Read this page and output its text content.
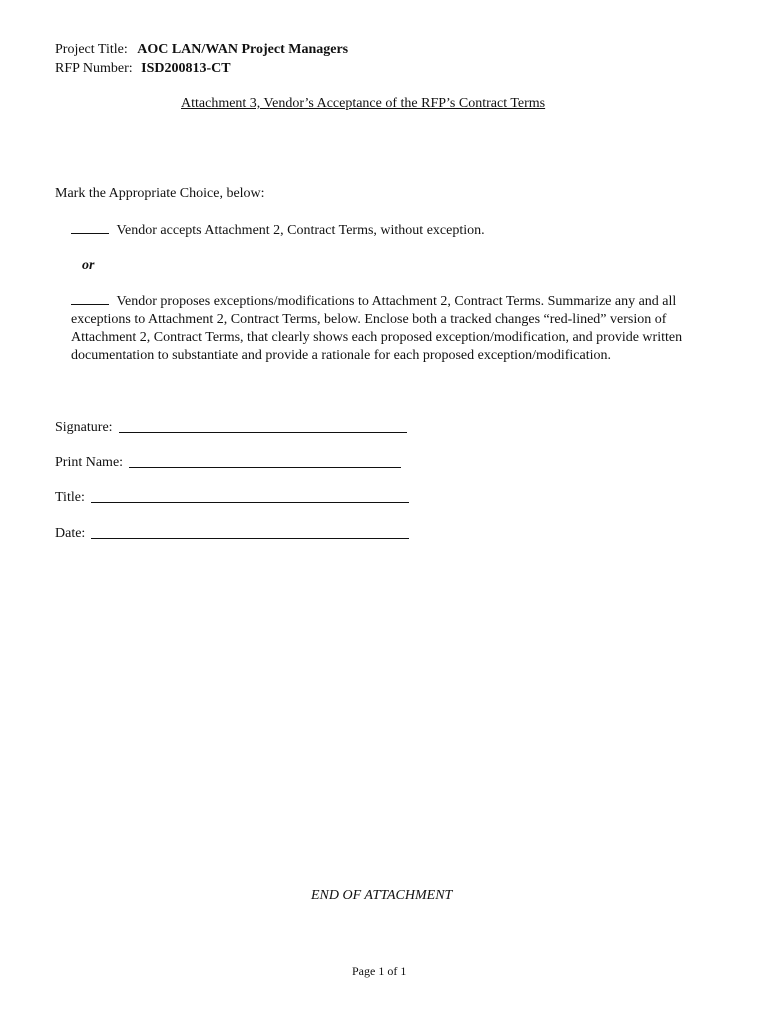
Project Title: AOC LAN/WAN Project Managers
RFP Number: ISD200813-CT
Attachment 3, Vendor’s Acceptance of the RFP’s Contract Terms
Mark the Appropriate Choice, below:
Vendor accepts Attachment 2, Contract Terms, without exception.
or
Vendor proposes exceptions/modifications to Attachment 2, Contract Terms. Summarize any and all exceptions to Attachment 2, Contract Terms, below. Enclose both a tracked changes “red-lined” version of Attachment 2, Contract Terms, that clearly shows each proposed exception/modification, and provide written documentation to substantiate and provide a rationale for each proposed exception/modification.
Signature:
Print Name:
Title:
Date:
END OF ATTACHMENT
Page 1 of 1
